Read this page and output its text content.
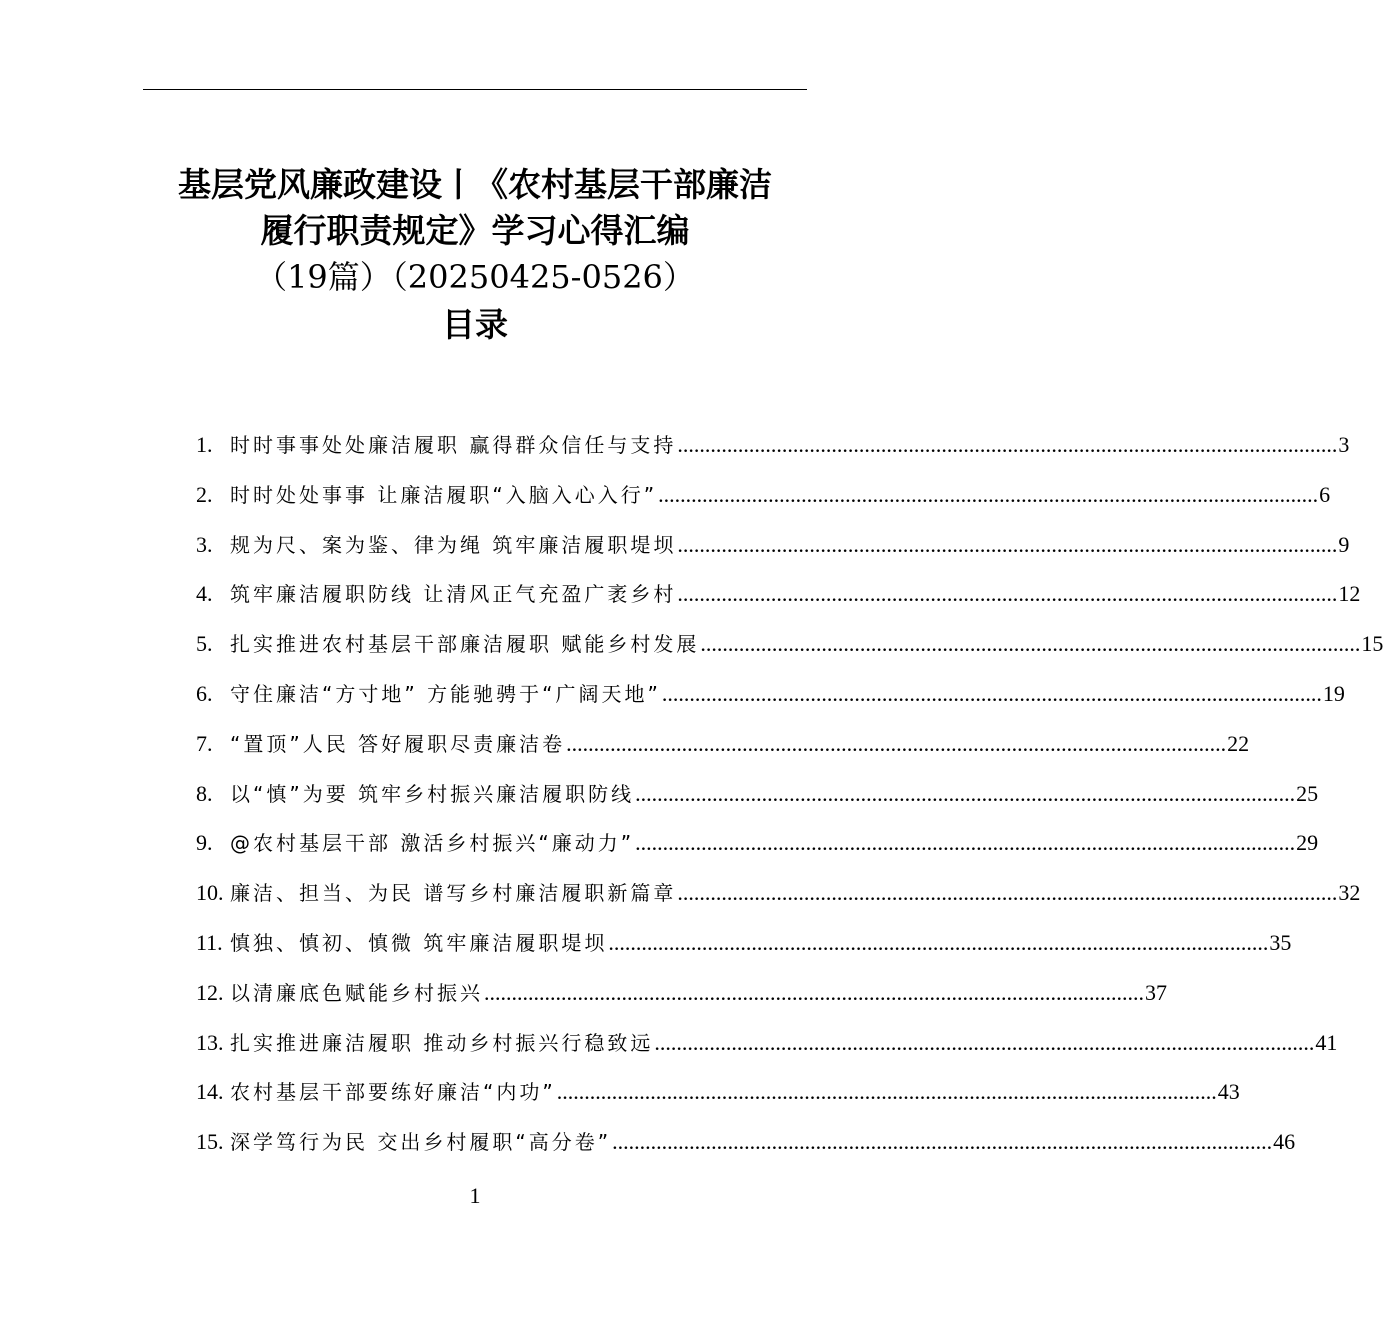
基层党风廉政建设丨《农村基层干部廉洁
履行职责规定》学习心得汇编
（19篇）（20250425-0526）
目录
1. 时时事事处处廉洁履职 赢得群众信任与支持 .....	3
2. 时时处处事事 让廉洁履职“入脑入心入行” .....	6
3. 规为尺、案为鉴、律为绳 筑牢廉洁履职堤坝 .....	9
4. 筑牢廉洁履职防线 让清风正气充盈广袤乡村 .....	12
5. 扎实推进农村基层干部廉洁履职 赋能乡村发展 .....	15
6. 守住廉洁“方寸地” 方能驰骋于“广阔天地” .....	19
7. “置顶”人民 答好履职尽责廉洁卷 .....	22
8. 以“慎”为要 筑牢乡村振兴廉洁履职防线 .....	25
9. @农村基层干部 激活乡村振兴“廉动力” .....	29
10. 廉洁、担当、为民 谱写乡村廉洁履职新篇章 .....	32
11. 慎独、慎初、慎微 筑牢廉洁履职堤坝 .....	35
12. 以清廉底色赋能乡村振兴 .....	37
13. 扎实推进廉洁履职 推动乡村振兴行稳致远 .....	41
14. 农村基层干部要练好廉洁“内功” .....	43
15. 深学笃行为民 交出乡村履职“高分卷” .....	46
1
